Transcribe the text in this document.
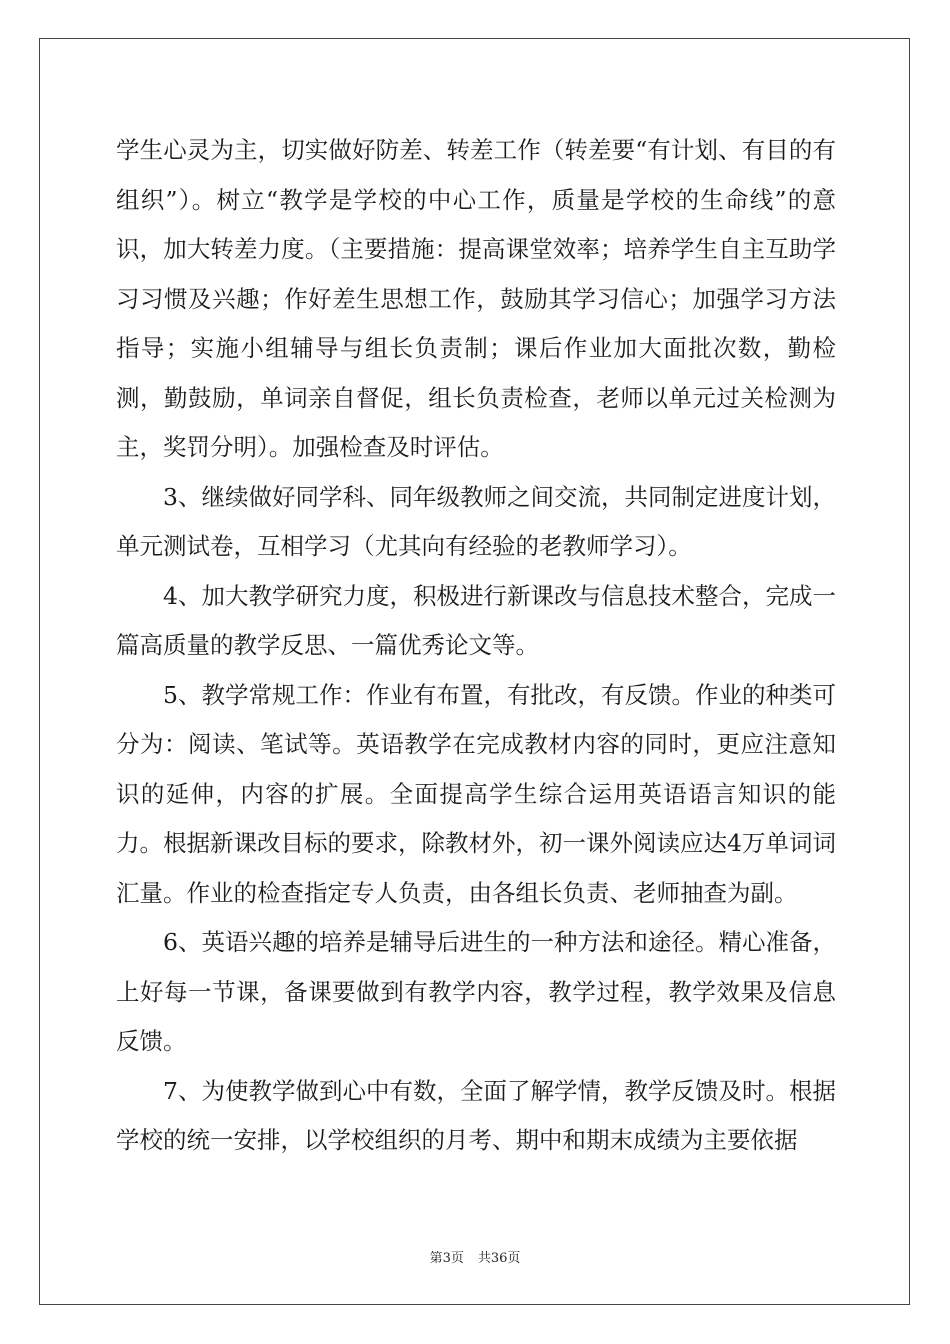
学生心灵为主，切实做好防差、转差工作（转差要“有计划、有目的有组织”）。树立“教学是学校的中心工作，质量是学校的生命线”的意识，加大转差力度。（主要措施：提高课堂效率；培养学生自主互助学习习惯及兴趣；作好差生思想工作，鼓励其学习信心；加强学习方法指导；实施小组辅导与组长负责制；课后作业加大面批次数，勤检测，勤鼓励，单词亲自督促，组长负责检查，老师以单元过关检测为主，奖罚分明）。加强检查及时评估。

3、继续做好同学科、同年级教师之间交流，共同制定进度计划，单元测试卷，互相学习（尤其向有经验的老教师学习）。

4、加大教学研究力度，积极进行新课改与信息技术整合，完成一篇高质量的教学反思、一篇优秀论文等。

5、教学常规工作：作业有布置，有批改，有反馈。作业的种类可分为：阅读、笔试等。英语教学在完成教材内容的同时，更应注意知识的延伸，内容的扩展。全面提高学生综合运用英语语言知识的能力。根据新课改目标的要求，除教材外，初一课外阅读应达4万单词词汇量。作业的检查指定专人负责，由各组长负责、老师抽查为副。

6、英语兴趣的培养是辅导后进生的一种方法和途径。精心准备，上好每一节课，备课要做到有教学内容，教学过程，教学效果及信息反馈。

7、为使教学做到心中有数，全面了解学情，教学反馈及时。根据学校的统一安排，以学校组织的月考、期中和期末成绩为主要依据

第3页 共36页
